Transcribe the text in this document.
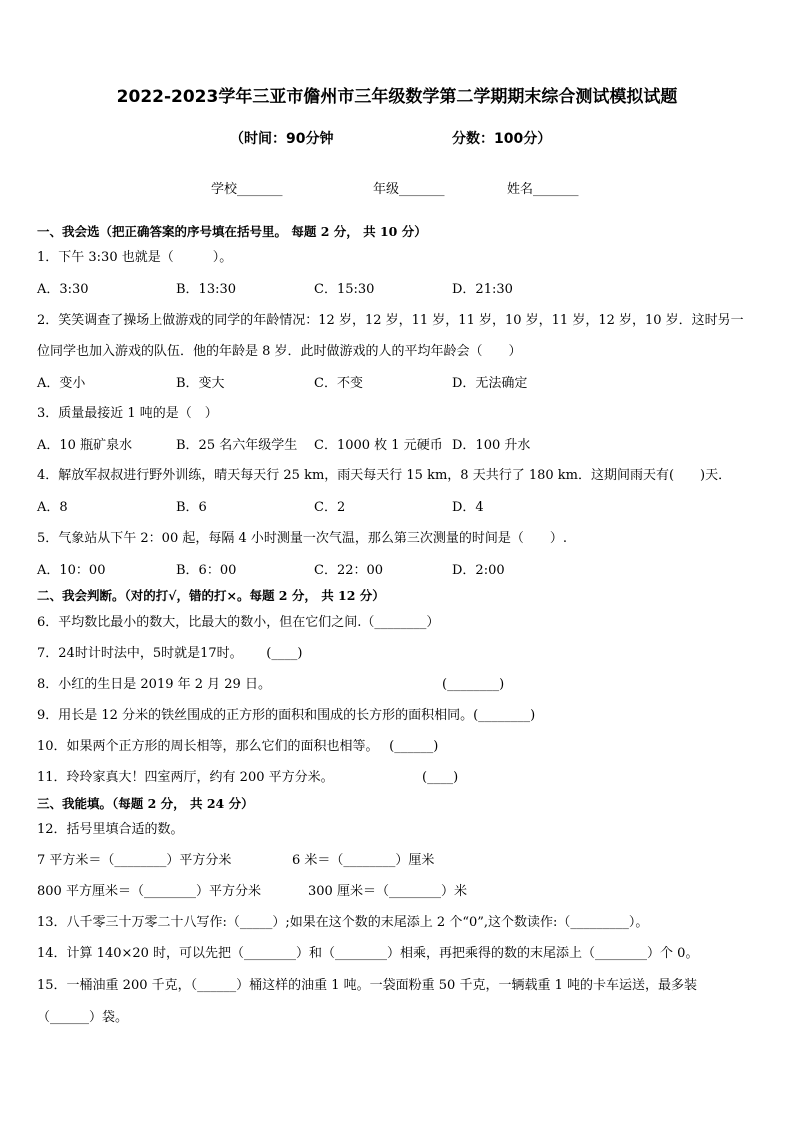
2022-2023学年三亚市儋州市三年级数学第二学期期末综合测试模拟试题
（时间：90分钟	分数：100分）
学校_______	年级_______	姓名_______
一、我会选（把正确答案的序号填在括号里。 每题 2 分， 共 10 分）
1．下午 3:30 也就是（　　　）。
A．3:30	B．13:30	C．15:30	D．21:30
2．笑笑调查了操场上做游戏的同学的年龄情况：12 岁，12 岁，11 岁，11 岁，10 岁，11 岁，12 岁，10 岁．这时另一
位同学也加入游戏的队伍．他的年龄是 8 岁．此时做游戏的人的平均年龄会（　　）
A．变小	B．变大	C．不变	D．无法确定
3．质量最接近 1 吨的是（　）
A．10 瓶矿泉水	B．25 名六年级学生 C．1000 枚 1 元硬币 D．100 升水
4．解放军叔叔进行野外训练，晴天每天行 25 km，雨天每天行 15 km，8 天共行了 180 km．这期间雨天有(　　)天．
A．8	B．6	C．2	D．4
5．气象站从下午 2：00 起，每隔 4 小时测量一次气温，那么第三次测量的时间是（　　）.
A．10：00	B．6：00	C．22：00	D．2:00
二、我会判断。（对的打√，错的打×。每题 2 分， 共 12 分）
6．平均数比最小的数大，比最大的数小，但在它们之间.（________）
7．24时计时法中，5时就是17时。　　 (____)
8．小红的生日是 2019 年 2 月 29 日。	(________)
9．用长是 12 分米的铁丝围成的正方形的面积和围成的长方形的面积相同。(________)
10．如果两个正方形的周长相等，那么它们的面积也相等。　 (______)
11．玲玲家真大！四室两厅，约有 200 平方分米。	(____)
三、我能填。（每题 2 分， 共 24 分）
12．括号里填合适的数。
7 平方米＝（________）平方分米	6 米＝（________）厘米
800 平方厘米＝（________）平方分米	300 厘米＝（________）米
13．八千零三十万零二十八写作:（_____）;如果在这个数的末尾添上 2 个“0”,这个数读作:（_________）。
14．计算 140×20 时，可以先把（________）和（________）相乘，再把乘得的数的末尾添上（________）个 0。
15．一桶油重 200 千克，（______）桶这样的油重 1 吨。一袋面粉重 50 千克，一辆载重 1 吨的卡车运送，最多装
（______）袋。
